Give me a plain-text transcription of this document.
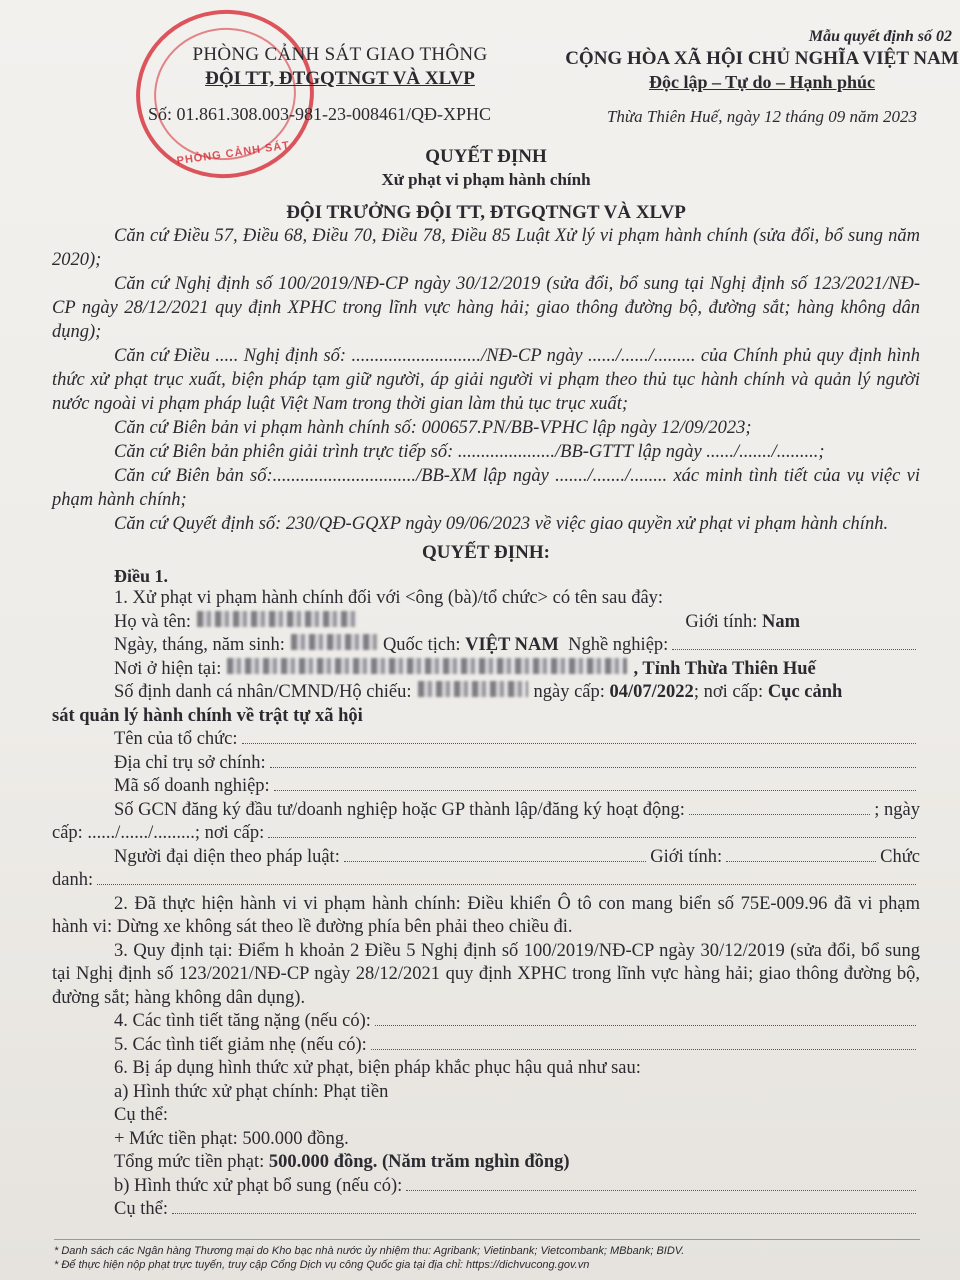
PHÒNG CẢNH SÁT
PHÒNG CẢNH SÁT GIAO THÔNG
ĐỘI TT, ĐTGQTNGT VÀ XLVP
Số: 01.861.308.003-981-23-008461/QĐ-XPHC
Mẫu quyết định số 02
CỘNG HÒA XÃ HỘI CHỦ NGHĨA VIỆT NAM
Độc lập – Tự do – Hạnh phúc
Thừa Thiên Huế, ngày 12 tháng 09 năm 2023
QUYẾT ĐỊNH
Xử phạt vi phạm hành chính
ĐỘI TRƯỞNG ĐỘI TT, ĐTGQTNGT VÀ XLVP

Căn cứ Điều 57, Điều 68, Điều 70, Điều 78, Điều 85 Luật Xử lý vi phạm hành chính (sửa đổi, bổ sung năm 2020);

Căn cứ Nghị định số 100/2019/NĐ-CP ngày 30/12/2019 (sửa đổi, bổ sung tại Nghị định số 123/2021/NĐ-CP ngày 28/12/2021 quy định XPHC trong lĩnh vực hàng hải; giao thông đường bộ, đường sắt; hàng không dân dụng);

Căn cứ Điều ..... Nghị định số: ............................/NĐ-CP ngày ....../....../......... của Chính phủ quy định hình thức xử phạt trục xuất, biện pháp tạm giữ người, áp giải người vi phạm theo thủ tục hành chính và quản lý người nước ngoài vi phạm pháp luật Việt Nam trong thời gian làm thủ tục trục xuất;

Căn cứ Biên bản vi phạm hành chính số: 000657.PN/BB-VPHC lập ngày 12/09/2023;

Căn cứ Biên bản phiên giải trình trực tiếp số: ...................../BB-GTTT lập ngày ....../......./.........;

Căn cứ Biên bản số:.............................../BB-XM lập ngày ......./......./........ xác minh tình tiết của vụ việc vi phạm hành chính;

Căn cứ Quyết định số: 230/QĐ-GQXP ngày 09/06/2023 về việc giao quyền xử phạt vi phạm hành chính.

QUYẾT ĐỊNH:
Điều 1.
1. Xử phạt vi phạm hành chính đối với <ông (bà)/tổ chức> có tên sau đây:
Họ và tên:	Giới tính:
Nam
Ngày, tháng, năm sinh:	Quốc tịch:
VIỆT NAM
Nghề nghiệp:
Nơi ở hiện tại:	, Tỉnh Thừa Thiên Huế
Số định danh cá nhân/CMND/Hộ chiếu:	ngày cấp:
04/07/2022 ; nơi cấp:
Cục cảnh
sát quản lý hành chính về trật tự xã hội
Tên của tổ chức:
Địa chỉ trụ sở chính:
Mã số doanh nghiệp:
Số GCN đăng ký đầu tư/doanh nghiệp hoặc GP thành lập/đăng ký hoạt động:	; ngày
cấp: ....../....../.........; nơi cấp:
Người đại diện theo pháp luật:	Giới tính:	Chức
danh:
2. Đã thực hiện hành vi vi phạm hành chính: Điều khiển Ô tô con mang biển số 75E-009.96 đã vi phạm hành vi: Dừng xe không sát theo lề đường phía bên phải theo chiều đi.
3. Quy định tại: Điểm h khoản 2 Điều 5 Nghị định số 100/2019/NĐ-CP ngày 30/12/2019 (sửa đổi, bổ sung tại Nghị định số 123/2021/NĐ-CP ngày 28/12/2021 quy định XPHC trong lĩnh vực hàng hải; giao thông đường bộ, đường sắt; hàng không dân dụng).
4. Các tình tiết tăng nặng (nếu có):
5. Các tình tiết giảm nhẹ (nếu có):
6. Bị áp dụng hình thức xử phạt, biện pháp khắc phục hậu quả như sau:
a) Hình thức xử phạt chính: Phạt tiền
Cụ thể:
+ Mức tiền phạt: 500.000 đồng.
Tổng mức tiền phạt: 500.000 đồng. (Năm trăm nghìn đồng)
b) Hình thức xử phạt bổ sung (nếu có):
Cụ thể:
* Danh sách các Ngân hàng Thương mại do Kho bạc nhà nước ủy nhiệm thu: Agribank; Vietinbank; Vietcombank; MBbank; BIDV.
* Để thực hiện nộp phạt trực tuyến, truy cập Cổng Dịch vụ công Quốc gia tại địa chỉ: https://dichvucong.gov.vn
